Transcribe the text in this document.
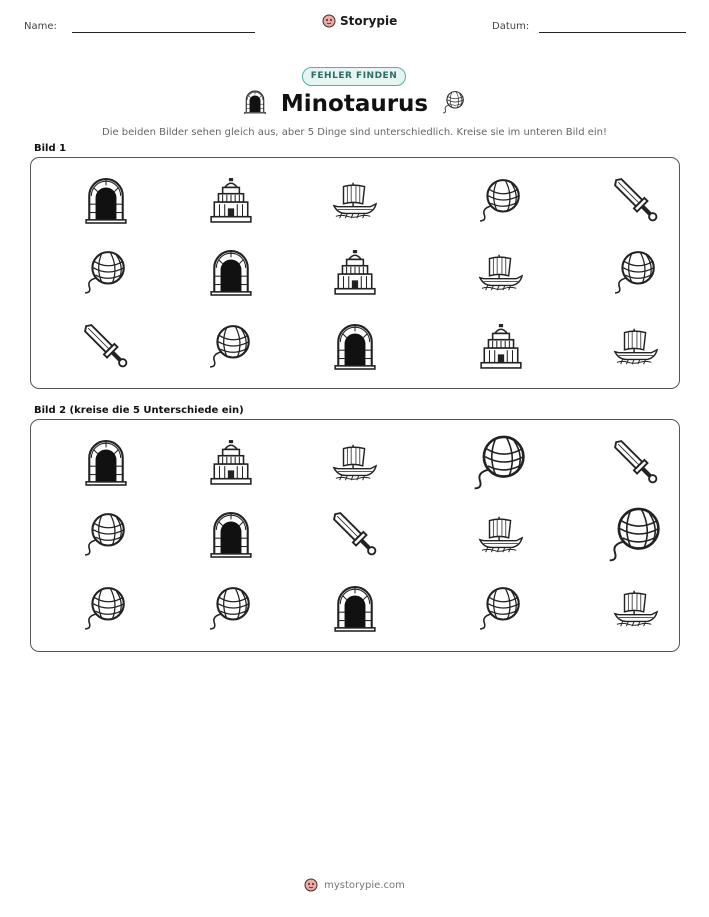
Name:	Storypie	Datum:
FEHLER FINDEN
Minotaurus
Die beiden Bilder sehen gleich aus, aber 5 Dinge sind unterschiedlich. Kreise sie im unteren Bild ein!
Bild 1
Bild 2 (kreise die 5 Unterschiede ein)
mystorypie.com
